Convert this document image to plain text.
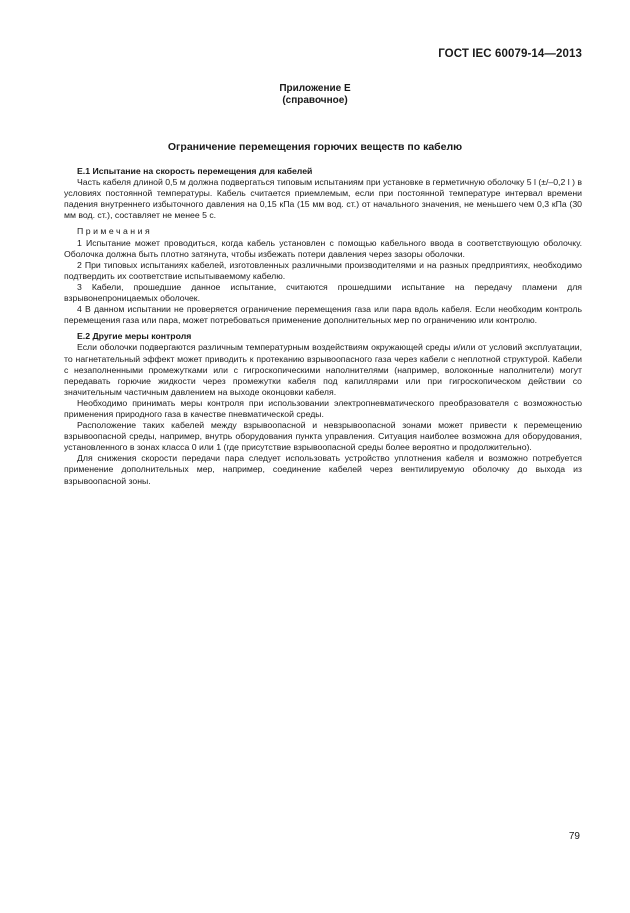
ГОСТ IEC 60079-14—2013
Приложение Е
(справочное)
Ограничение перемещения горючих веществ по кабелю

Е.1 Испытание на скорость перемещения для кабелей

Часть кабеля длиной 0,5 м должна подвергаться типовым испытаниям при установке в герметичную оболочку 5 l (±/–0,2 l ) в условиях постоянной температуры. Кабель считается приемлемым, если при постоянной температуре интервал времени падения внутреннего избыточного давления на 0,15 кПа (15 мм вод. ст.) от начального значения, не меньшего чем 0,3 кПа (30 мм вод. ст.), составляет не менее 5 с.

Примечания

1 Испытание может проводиться, когда кабель установлен с помощью кабельного ввода в соответствующую оболочку. Оболочка должна быть плотно затянута, чтобы избежать потери давления через зазоры оболочки.

2 При типовых испытаниях кабелей, изготовленных различными производителями и на разных предприятиях, необходимо подтвердить их соответствие испытываемому кабелю.

3 Кабели, прошедшие данное испытание, считаются прошедшими испытание на передачу пламени для взрывонепроницаемых оболочек.

4 В данном испытании не проверяется ограничение перемещения газа или пара вдоль кабеля. Если необходим контроль перемещения газа или пара, может потребоваться применение дополнительных мер по ограничению или контролю.

Е.2 Другие меры контроля

Если оболочки подвергаются различным температурным воздействиям окружающей среды и/или от условий эксплуатации, то нагнетательный эффект может приводить к протеканию взрывоопасного газа через кабели с неплотной структурой. Кабели с незаполненными промежутками или с гигроскопическими наполнителями (например, волоконные наполнители) могут передавать горючие жидкости через промежутки кабеля под капиллярами или при гигроскопическом действии со значительным частичным давлением на выходе оконцовки кабеля.

Необходимо принимать меры контроля при использовании электропневматического преобразователя с возможностью применения природного газа в качестве пневматической среды.

Расположение таких кабелей между взрывоопасной и невзрывоопасной зонами может привести к перемещению взрывоопасной среды, например, внутрь оборудования пункта управления. Ситуация наиболее возможна для оборудования, установленного в зонах класса 0 или 1 (где присутствие взрывоопасной среды более вероятно и продолжительно).

Для снижения скорости передачи пара следует использовать устройство уплотнения кабеля и возможно потребуется применение дополнительных мер, например, соединение кабелей через вентилируемую оболочку до выхода из взрывоопасной зоны.

79
